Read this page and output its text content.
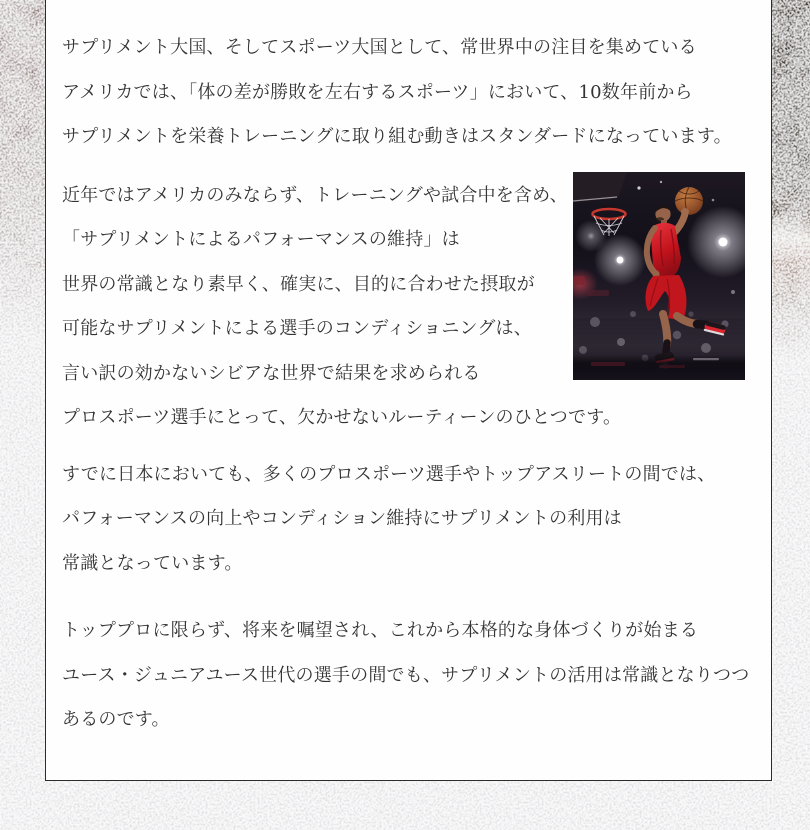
サプリメント大国、そしてスポーツ大国として、常世界中の注目を集めている
アメリカでは、「体の差が勝敗を左右するスポーツ」において、10数年前から
サプリメントを栄養トレーニングに取り組む動きはスタンダードになっています。
近年ではアメリカのみならず、トレーニングや試合中を含め、
「サプリメントによるパフォーマンスの維持」は
世界の常識となり素早く、確実に、目的に合わせた摂取が
可能なサプリメントによる選手のコンディショニングは、
言い訳の効かないシビアな世界で結果を求められる
プロスポーツ選手にとって、欠かせないルーティーンのひとつです。
すでに日本においても、多くのプロスポーツ選手やトップアスリートの間では、
パフォーマンスの向上やコンディション維持にサプリメントの利用は
常識となっています。
トッププロに限らず、将来を嘱望され、これから本格的な身体づくりが始まる
ユース・ジュニアユース世代の選手の間でも、サプリメントの活用は常識となりつつ
あるのです。
